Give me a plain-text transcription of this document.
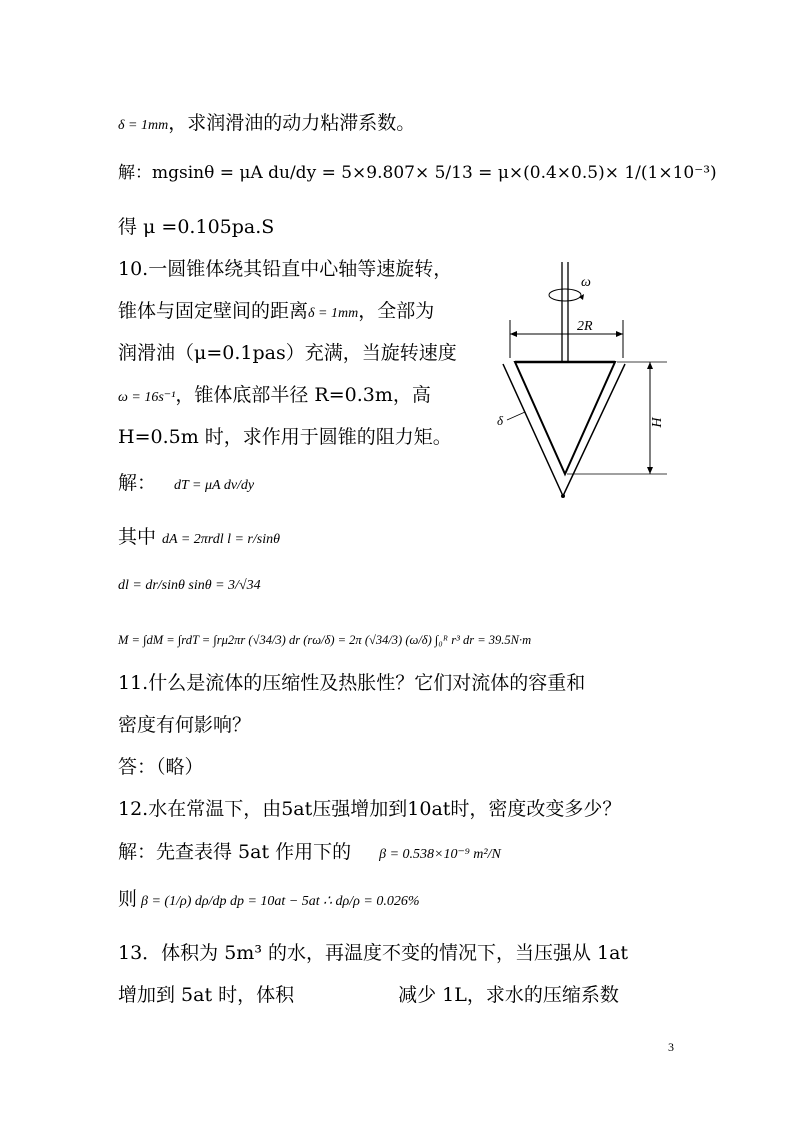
δ = 1mm，求润滑油的动力粘滞系数。
解：mgsinθ = μA du/dy = 5×9.807× 5/13 = μ×(0.4×0.5)× 1/(1×10⁻³)
得 μ =0.105pa.S
10.一圆锥体绕其铅直中心轴等速旋转，
锥体与固定壁间的距离δ = 1mm，全部为
润滑油（μ=0.1pas）充满，当旋转速度
ω = 16s⁻¹，锥体底部半径 R=0.3m，高
H=0.5m 时，求作用于圆锥的阻力矩。
ω
2R
δ	H
解： dT = μA dv/dy
其中 dA = 2πrdl l = r/sinθ
dl = dr/sinθ sinθ = 3/√34
M = ∫dM = ∫rdT = ∫rμ2πr (√34/3) dr (rω/δ) = 2π (√34/3) (ω/δ) ∫₀ᴿ r³ dr = 39.5N·m
11.什么是流体的压缩性及热胀性？它们对流体的容重和
密度有何影响？
答：（略）
12.水在常温下，由5at压强增加到10at时，密度改变多少？
解：先查表得 5at 作用下的 β = 0.538×10⁻⁹ m²/N
则 β = (1/ρ) dρ/dp dp = 10at − 5at ∴ dρ/ρ = 0.026%
13．体积为 5m³ 的水，再温度不变的情况下，当压强从 1at
增加到 5at 时，体积	减少 1L，求水的压缩系数
3
